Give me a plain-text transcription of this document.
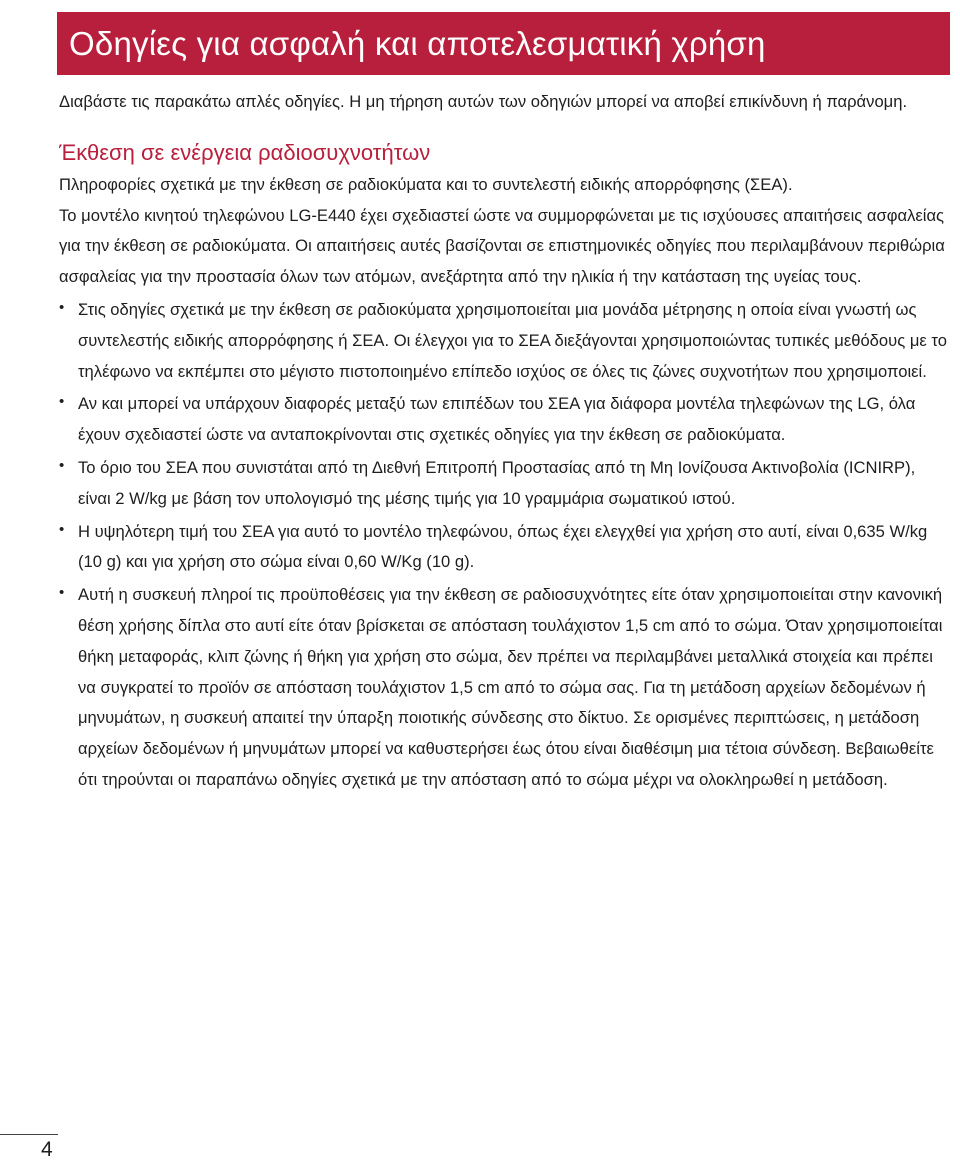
Οδηγίες για ασφαλή και αποτελεσματική χρήση

Διαβάστε τις παρακάτω απλές οδηγίες. Η μη τήρηση αυτών των οδηγιών μπορεί να αποβεί επικίνδυνη ή παράνομη.

Έκθεση σε ενέργεια ραδιοσυχνοτήτων

Πληροφορίες σχετικά με την έκθεση σε ραδιοκύματα και το συντελεστή ειδικής απορρόφησης (ΣΕΑ).

Το μοντέλο κινητού τηλεφώνου LG-E440 έχει σχεδιαστεί ώστε να συμμορφώνεται με τις ισχύουσες απαιτήσεις ασφαλείας για την έκθεση σε ραδιοκύματα. Οι απαιτήσεις αυτές βασίζονται σε επιστημονικές οδηγίες που περιλαμβάνουν περιθώρια ασφαλείας για την προστασία όλων των ατόμων, ανεξάρτητα από την ηλικία ή την κατάσταση της υγείας τους.

• Στις οδηγίες σχετικά με την έκθεση σε ραδιοκύματα χρησιμοποιείται μια μονάδα μέτρησης η οποία είναι γνωστή ως συντελεστής ειδικής απορρόφησης ή ΣΕΑ. Οι έλεγχοι για το ΣΕΑ διεξάγονται χρησιμοποιώντας τυπικές μεθόδους με το τηλέφωνο να εκπέμπει στο μέγιστο πιστοποιημένο επίπεδο ισχύος σε όλες τις ζώνες συχνοτήτων που χρησιμοποιεί.
• Αν και μπορεί να υπάρχουν διαφορές μεταξύ των επιπέδων του ΣΕΑ για διάφορα μοντέλα τηλεφώνων της LG, όλα έχουν σχεδιαστεί ώστε να ανταποκρίνονται στις σχετικές οδηγίες για την έκθεση σε ραδιοκύματα.
• Το όριο του ΣΕΑ που συνιστάται από τη Διεθνή Επιτροπή Προστασίας από τη Μη Ιονίζουσα Ακτινοβολία (ICNIRP), είναι 2 W/kg με βάση τον υπολογισμό της μέσης τιμής για 10 γραμμάρια σωματικού ιστού.
• Η υψηλότερη τιμή του ΣΕΑ για αυτό το μοντέλο τηλεφώνου, όπως έχει ελεγχθεί για χρήση στο αυτί, είναι 0,635 W/kg (10 g) και για χρήση στο σώμα είναι 0,60 W/Kg (10 g).
• Αυτή η συσκευή πληροί τις προϋποθέσεις για την έκθεση σε ραδιοσυχνότητες είτε όταν χρησιμοποιείται στην κανονική θέση χρήσης δίπλα στο αυτί είτε όταν βρίσκεται σε απόσταση τουλάχιστον 1,5 cm από το σώμα. Όταν χρησιμοποιείται θήκη μεταφοράς, κλιπ ζώνης ή θήκη για χρήση στο σώμα, δεν πρέπει να περιλαμβάνει μεταλλικά στοιχεία και πρέπει να συγκρατεί το προϊόν σε απόσταση τουλάχιστον 1,5 cm από το σώμα σας. Για τη μετάδοση αρχείων δεδομένων ή μηνυμάτων, η συσκευή απαιτεί την ύπαρξη ποιοτικής σύνδεσης στο δίκτυο. Σε ορισμένες περιπτώσεις, η μετάδοση αρχείων δεδομένων ή μηνυμάτων μπορεί να καθυστερήσει έως ότου είναι διαθέσιμη μια τέτοια σύνδεση. Βεβαιωθείτε ότι τηρούνται οι παραπάνω οδηγίες σχετικά με την απόσταση από το σώμα μέχρι να ολοκληρωθεί η μετάδοση.
4
